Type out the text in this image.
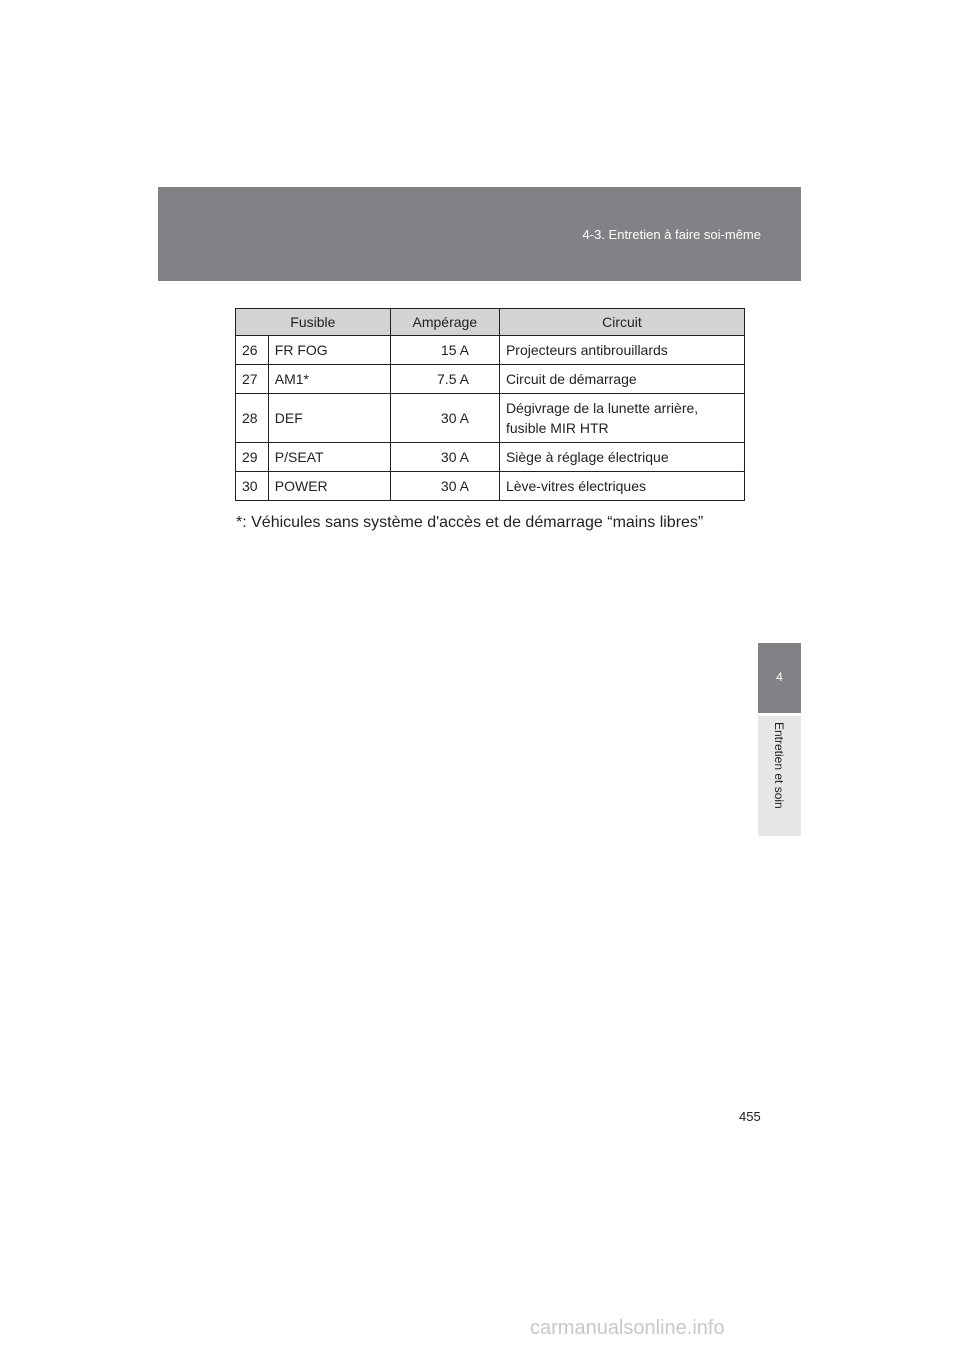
4-3. Entretien à faire soi-même
4
Entretien et soin
Fusible		Ampérage	Circuit
26	FR FOG	15 A	Projecteurs antibrouillards
27	AM1*	7.5 A	Circuit de démarrage
28	DEF	30 A	Dégivrage de la lunette arrière,
fusible MIR HTR

29	P/SEAT	30 A	Siège à réglage électrique
30	POWER	30 A	Lève-vitres électriques
*: Véhicules sans système d'accès et de démarrage “mains libres”
455
carmanualsonline.info
